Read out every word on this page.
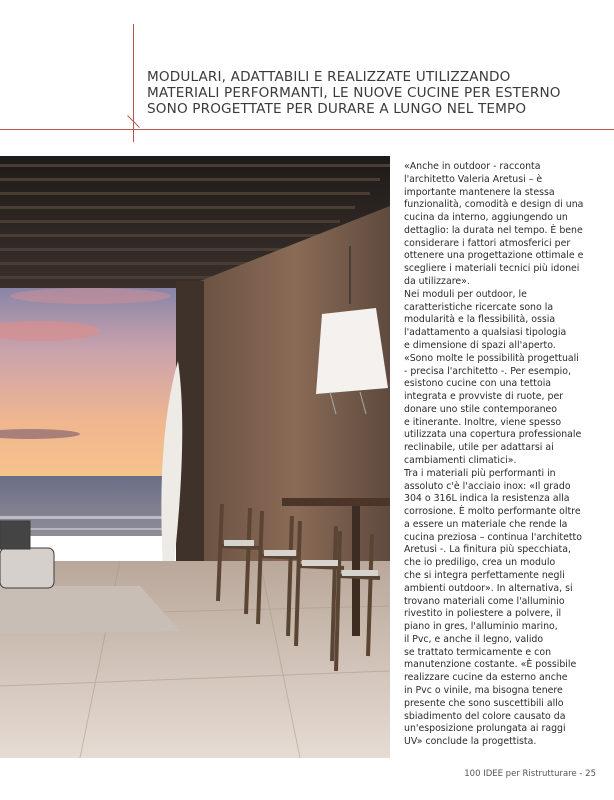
MODULARI, ADATTABILI E REALIZZATE UTILIZZANDO
MATERIALI PERFORMANTI, LE NUOVE CUCINE PER ESTERNO
SONO PROGETTATE PER DURARE A LUNGO NEL TEMPO
«Anche in outdoor - racconta
l'architetto Valeria Aretusi – è
importante mantenere la stessa
funzionalità, comodità e design di una
cucina da interno, aggiungendo un
dettaglio: la durata nel tempo. È bene
considerare i fattori atmosferici per
ottenere una progettazione ottimale e
scegliere i materiali tecnici più idonei
da utilizzare».
Nei moduli per outdoor, le
caratteristiche ricercate sono la
modularità e la flessibilità, ossia
l'adattamento a qualsiasi tipologia
e dimensione di spazi all'aperto.
«Sono molte le possibilità progettuali
- precisa l'architetto -. Per esempio,
esistono cucine con una tettoia
integrata e provviste di ruote, per
donare uno stile contemporaneo
e itinerante. Inoltre, viene spesso
utilizzata una copertura professionale
reclinabile, utile per adattarsi ai
cambiamenti climatici».
Tra i materiali più performanti in
assoluto c'è l'acciaio inox: «Il grado
304 o 316L indica la resistenza alla
corrosione. È molto performante oltre
a essere un materiale che rende la
cucina preziosa – continua l'architetto
Aretusi -. La finitura più specchiata,
che io prediligo, crea un modulo
che si integra perfettamente negli
ambienti outdoor». In alternativa, si
trovano materiali come l'alluminio
rivestito in poliestere a polvere, il
piano in gres, l'alluminio marino,
il Pvc, e anche il legno, valido
se trattato termicamente e con
manutenzione costante. «È possibile
realizzare cucine da esterno anche
in Pvc o vinile, ma bisogna tenere
presente che sono suscettibili allo
sbiadimento del colore causato da
un'esposizione prolungata ai raggi
UV» conclude la progettista.
100 IDEE per Ristrutturare - 25
